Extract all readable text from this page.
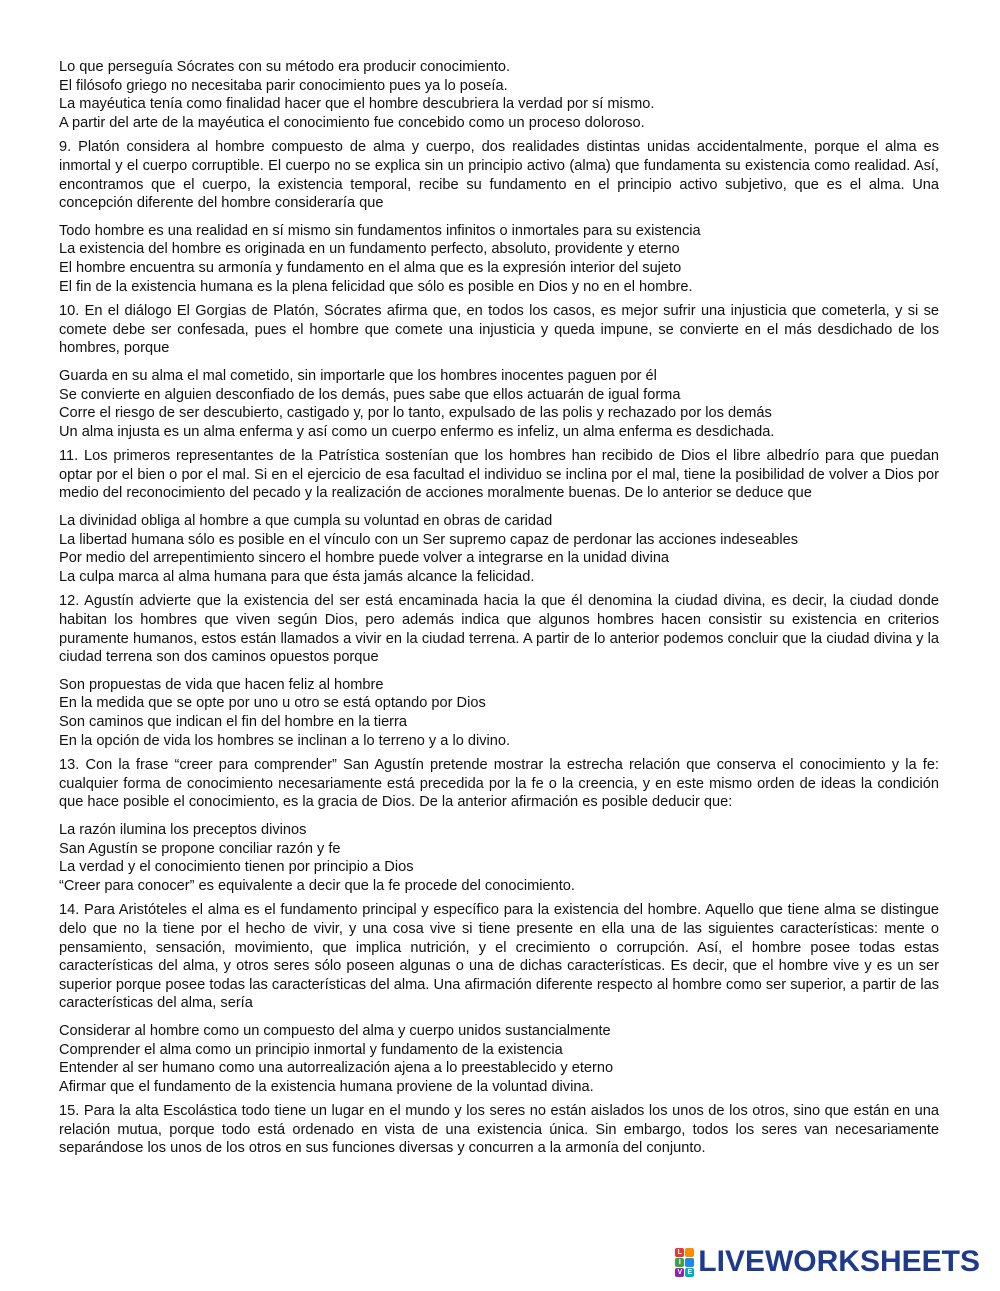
Lo que perseguía Sócrates con su método era producir conocimiento.
El filósofo griego no necesitaba parir conocimiento pues ya lo poseía.
La mayéutica tenía como finalidad hacer que el hombre descubriera la verdad por sí mismo.
A partir del arte de la mayéutica el conocimiento fue concebido como un proceso doloroso.

9. Platón considera al hombre compuesto de alma y cuerpo, dos realidades distintas unidas accidentalmente, porque el alma es inmortal y el cuerpo corruptible. El cuerpo no se explica sin un principio activo (alma) que fundamenta su existencia como realidad. Así, encontramos que el cuerpo, la existencia temporal, recibe su fundamento en el principio activo subjetivo, que es el alma. Una concepción diferente del hombre consideraría que

Todo hombre es una realidad en sí mismo sin fundamentos infinitos o inmortales para su existencia
La existencia del hombre es originada en un fundamento perfecto, absoluto, providente y eterno
El hombre encuentra su armonía y fundamento en el alma que es la expresión interior del sujeto
El fin de la existencia humana es la plena felicidad que sólo es posible en Dios y no en el hombre.

10. En el diálogo El Gorgias de Platón, Sócrates afirma que, en todos los casos, es mejor sufrir una injusticia que cometerla, y si se comete debe ser confesada, pues el hombre que comete una injusticia y queda impune, se convierte en el más desdichado de los hombres, porque

Guarda en su alma el mal cometido, sin importarle que los hombres inocentes paguen por él
Se convierte en alguien desconfiado de los demás, pues sabe que ellos actuarán de igual forma
Corre el riesgo de ser descubierto, castigado y, por lo tanto, expulsado de las polis y rechazado por los demás
Un alma injusta es un alma enferma y así como un cuerpo enfermo es infeliz, un alma enferma es desdichada.

11. Los primeros representantes de la Patrística sostenían que los hombres han recibido de Dios el libre albedrío para que puedan optar por el bien o por el mal. Si en el ejercicio de esa facultad el individuo se inclina por el mal, tiene la posibilidad de volver a Dios por medio del reconocimiento del pecado y la realización de acciones moralmente buenas. De lo anterior se deduce que

La divinidad obliga al hombre a que cumpla su voluntad en obras de caridad
La libertad humana sólo es posible en el vínculo con un Ser supremo capaz de perdonar las acciones indeseables
Por medio del arrepentimiento sincero el hombre puede volver a integrarse en la unidad divina
La culpa marca al alma humana para que ésta jamás alcance la felicidad.

12. Agustín advierte que la existencia del ser está encaminada hacia la que él denomina la ciudad divina, es decir, la ciudad donde habitan los hombres que viven según Dios, pero además indica que algunos hombres hacen consistir su existencia en criterios puramente humanos, estos están llamados a vivir en la ciudad terrena. A partir de lo anterior podemos concluir que la ciudad divina y la ciudad terrena son dos caminos opuestos porque

Son propuestas de vida que hacen feliz al hombre
En la medida que se opte por uno u otro se está optando por Dios
Son caminos que indican el fin del hombre en la tierra
En la opción de vida los hombres se inclinan a lo terreno y a lo divino.

13. Con la frase “creer para comprender” San Agustín pretende mostrar la estrecha relación que conserva el conocimiento y la fe: cualquier forma de conocimiento necesariamente está precedida por la fe o la creencia, y en este mismo orden de ideas la condición que hace posible el conocimiento, es la gracia de Dios. De la anterior afirmación es posible deducir que:

La razón ilumina los preceptos divinos
San Agustín se propone conciliar razón y fe
La verdad y el conocimiento tienen por principio a Dios
“Creer para conocer” es equivalente a decir que la fe procede del conocimiento.

14. Para Aristóteles el alma es el fundamento principal y específico para la existencia del hombre. Aquello que tiene alma se distingue delo que no la tiene por el hecho de vivir, y una cosa vive si tiene presente en ella una de las siguientes características: mente o pensamiento, sensación, movimiento, que implica nutrición, y el crecimiento o corrupción. Así, el hombre posee todas estas características del alma, y otros seres sólo poseen algunas o una de dichas características. Es decir, que el hombre vive y es un ser superior porque posee todas las características del alma. Una afirmación diferente respecto al hombre como ser superior, a partir de las características del alma, sería

Considerar al hombre como un compuesto del alma y cuerpo unidos sustancialmente
Comprender el alma como un principio inmortal y fundamento de la existencia
Entender al ser humano como una autorrealización ajena a lo preestablecido y eterno
Afirmar que el fundamento de la existencia humana proviene de la voluntad divina.

15. Para la alta Escolástica todo tiene un lugar en el mundo y los seres no están aislados los unos de los otros, sino que están en una relación mutua, porque todo está ordenado en vista de una existencia única. Sin embargo, todos los seres van necesariamente separándose los unos de los otros en sus funciones diversas y concurren a la armonía del conjunto.

L
I
V E LIVEWORKSHEETS
